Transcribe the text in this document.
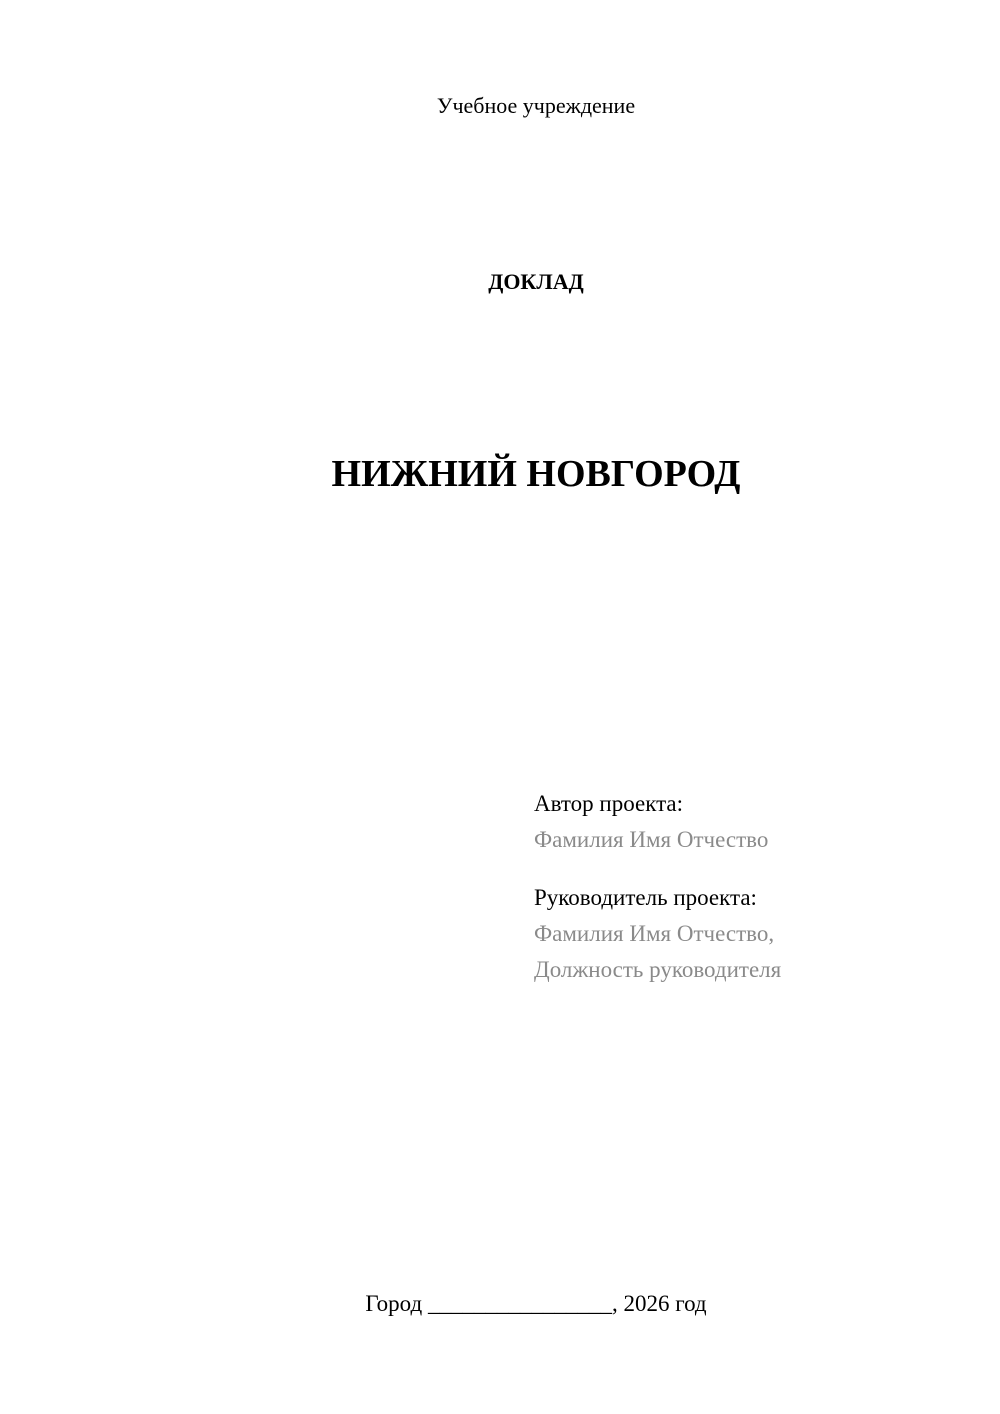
Учебное учреждение
ДОКЛАД
НИЖНИЙ НОВГОРОД
Автор проекта:
Фамилия Имя Отчество
Руководитель проекта:
Фамилия Имя Отчество,
Должность руководителя
Город ________________, 2026 год
